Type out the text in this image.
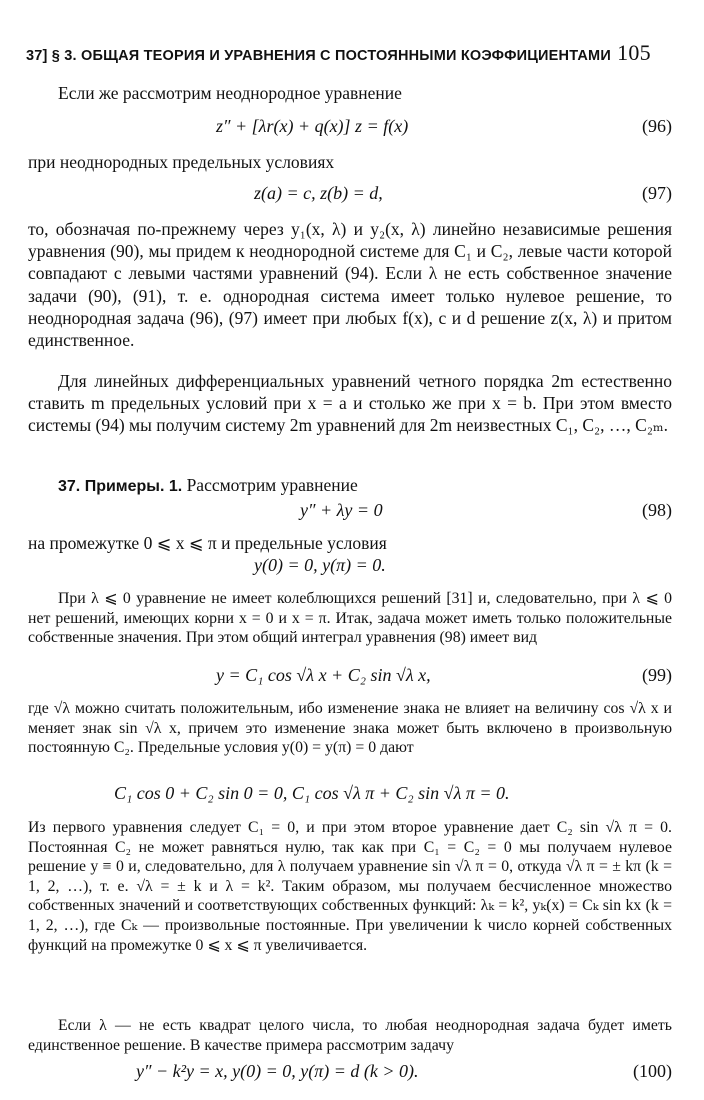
37] § 3. ОБЩАЯ ТЕОРИЯ И УРАВНЕНИЯ С ПОСТОЯННЫМИ КОЭФФИЦИЕНТАМИ 105
Если же рассмотрим неоднородное уравнение
z″ + [λr(x) + q(x)] z = f(x)	(96)
при неоднородных предельных условиях
z(a) = c, z(b) = d,	(97)
то, обозначая по-прежнему через y₁(x, λ) и y₂(x, λ) линейно независимые решения уравнения (90), мы придем к неоднородной системе для C₁ и C₂, левые части которой совпадают с левыми частями уравнений (94). Если λ не есть собственное значение задачи (90), (91), т. е. однородная система имеет только нулевое решение, то неоднородная задача (96), (97) имеет при любых f(x), c и d решение z(x, λ) и притом единственное.
Для линейных дифференциальных уравнений четного порядка 2m естественно ставить m предельных условий при x = a и столько же при x = b. При этом вместо системы (94) мы получим систему 2m уравнений для 2m неизвестных C₁, C₂, …, C₂ₘ.
37. Примеры. 1. Рассмотрим уравнение
y″ + λy = 0	(98)
на промежутке 0 ⩽ x ⩽ π и предельные условия
y(0) = 0, y(π) = 0.
При λ ⩽ 0 уравнение не имеет колеблющихся решений [31] и, следовательно, при λ ⩽ 0 нет решений, имеющих корни x = 0 и x = π. Итак, задача может иметь только положительные собственные значения. При этом общий интеграл уравнения (98) имеет вид
y = C₁ cos √λ x + C₂ sin √λ x,	(99)
где √λ можно считать положительным, ибо изменение знака не влияет на величину cos √λ x и меняет знак sin √λ x, причем это изменение знака может быть включено в произвольную постоянную C₂. Предельные условия y(0) = y(π) = 0 дают
C₁ cos 0 + C₂ sin 0 = 0, C₁ cos √λ π + C₂ sin √λ π = 0.
Из первого уравнения следует C₁ = 0, и при этом второе уравнение дает C₂ sin √λ π = 0. Постоянная C₂ не может равняться нулю, так как при C₁ = C₂ = 0 мы получаем нулевое решение y ≡ 0 и, следовательно, для λ получаем уравнение sin √λ π = 0, откуда √λ π = ± kπ (k = 1, 2, …), т. е. √λ = ± k и λ = k². Таким образом, мы получаем бесчисленное множество собственных значений и соответствующих собственных функций: λₖ = k², yₖ(x) = Cₖ sin kx (k = 1, 2, …), где Cₖ — произвольные постоянные. При увеличении k число корней собственных функций на промежутке 0 ⩽ x ⩽ π увеличивается.
Если λ — не есть квадрат целого числа, то любая неоднородная задача будет иметь единственное решение. В качестве примера рассмотрим задачу
y″ − k²y = x, y(0) = 0, y(π) = d (k > 0).	(100)
